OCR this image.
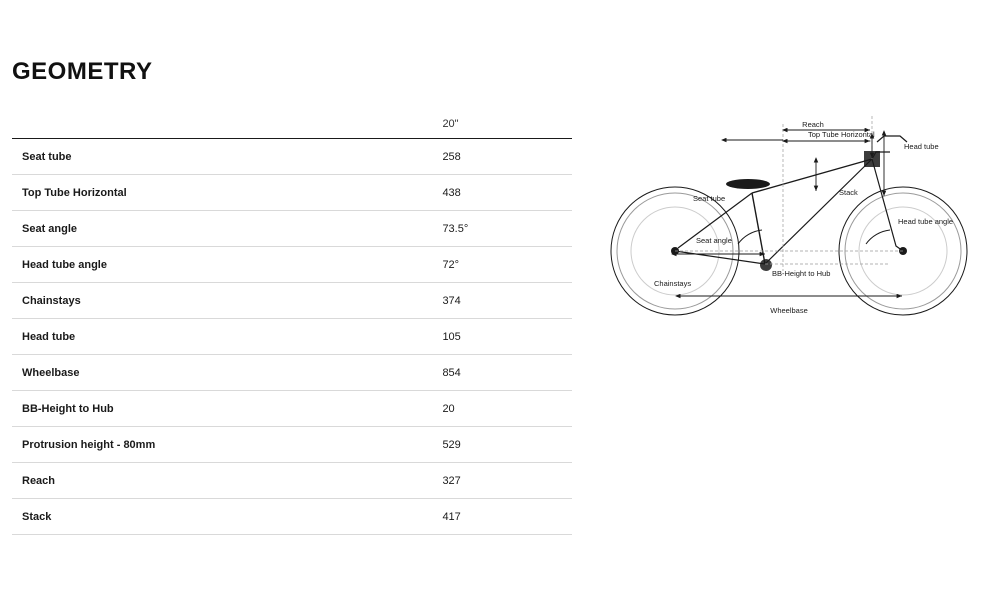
GEOMETRY
	20"
Seat tube	258
Top Tube Horizontal	438
Seat angle	73.5°
Head tube angle	72°
Chainstays	374
Head tube	105
Wheelbase	854
BB-Height to Hub	20
Protrusion height - 80mm	529
Reach	327
Stack	417
Reach
Top Tube Horizontal
Head tube
Stack
Head tube angle
Seat tube
Seat angle
BB-Height to Hub
Chainstays
Wheelbase
